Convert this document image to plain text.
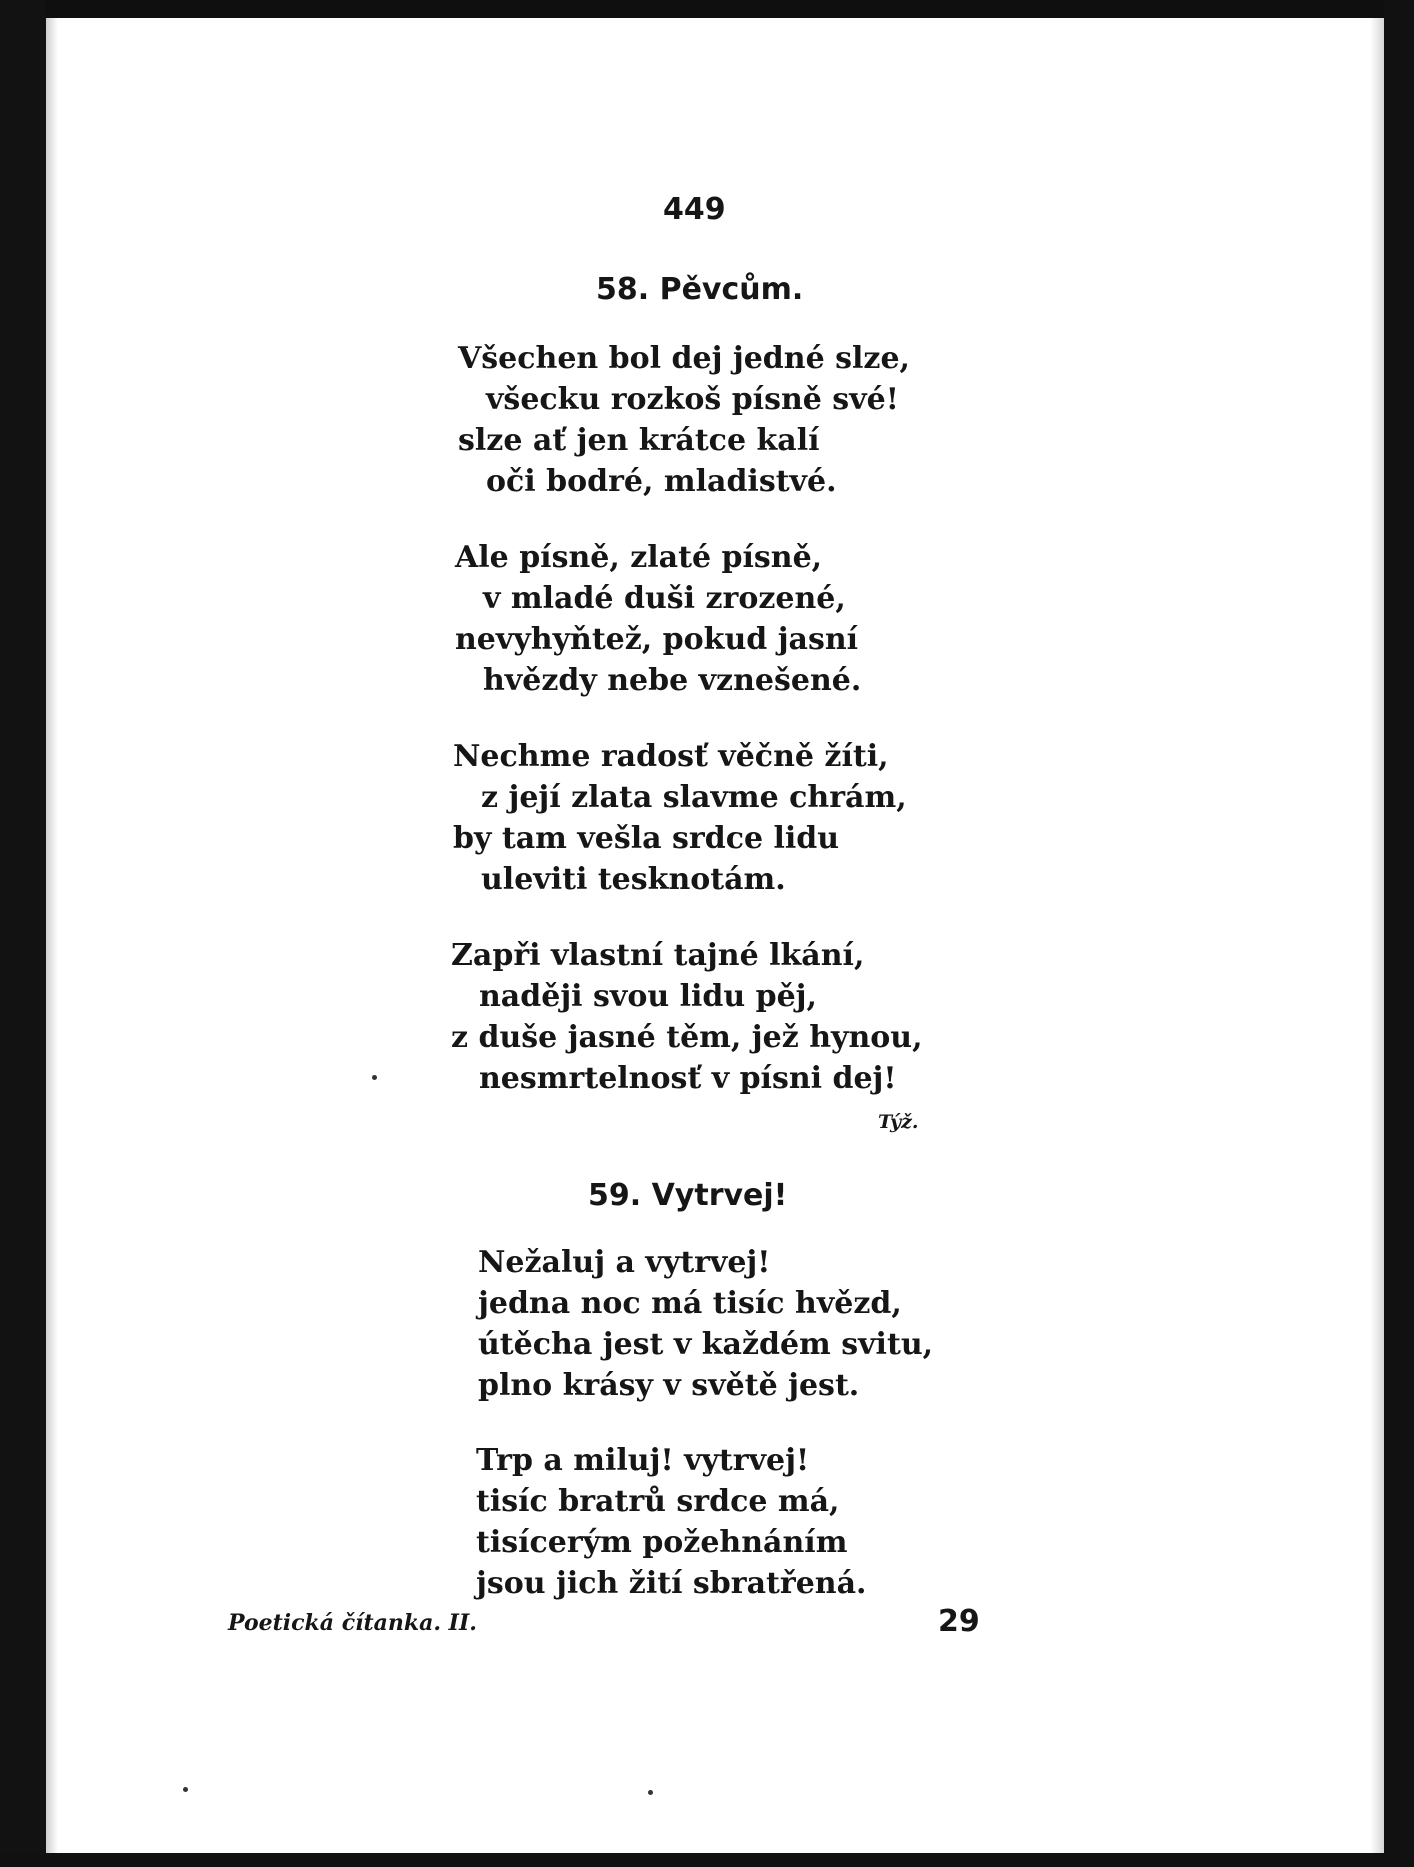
449
58. Pěvcům.
Všechen bol dej jedné slze,
všecku rozkoš písně své!
slze ať jen krátce kalí
oči bodré, mladistvé.
Ale písně, zlaté písně,
v mladé duši zrozené,
nevyhyňtež, pokud jasní
hvězdy nebe vznešené.
Nechme radosť věčně žíti,
z její zlata slavme chrám,
by tam vešla srdce lidu
uleviti tesknotám.
Zapři vlastní tajné lkání,
naději svou lidu pěj,
z duše jasné těm, jež hynou,
nesmrtelnosť v písni dej!
Týž.
59. Vytrvej!
Nežaluj a vytrvej!
jedna noc má tisíc hvězd,
útěcha jest v každém svitu,
plno krásy v světě jest.
Trp a miluj! vytrvej!
tisíc bratrů srdce má,
tisícerým požehnáním
jsou jich žití sbratřená.
Poetická čítanka. II.	29
